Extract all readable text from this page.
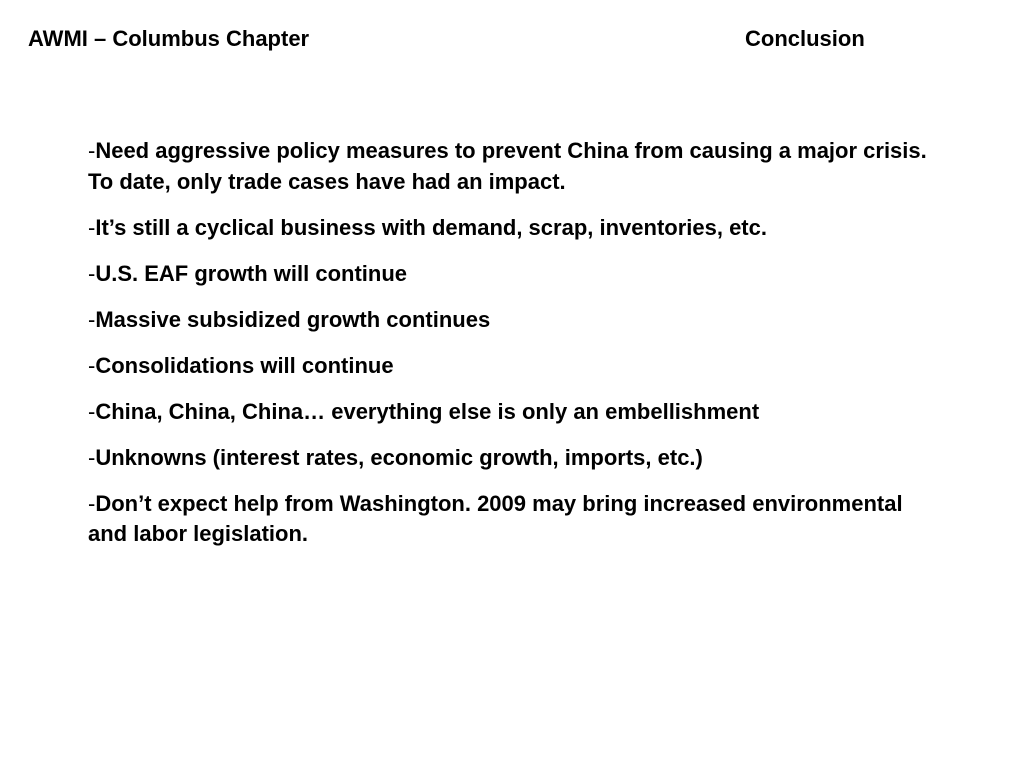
AWMI – Columbus Chapter	Conclusion
-Need aggressive policy measures to prevent China from causing a major crisis. To date, only trade cases have had an impact.
-It’s still a cyclical business with demand, scrap, inventories, etc.
-U.S. EAF growth will continue
-Massive subsidized growth continues
-Consolidations will continue
-China, China, China… everything else is only an embellishment
-Unknowns (interest rates, economic growth, imports, etc.)
-Don’t expect help from Washington. 2009 may bring increased environmental and labor legislation.
